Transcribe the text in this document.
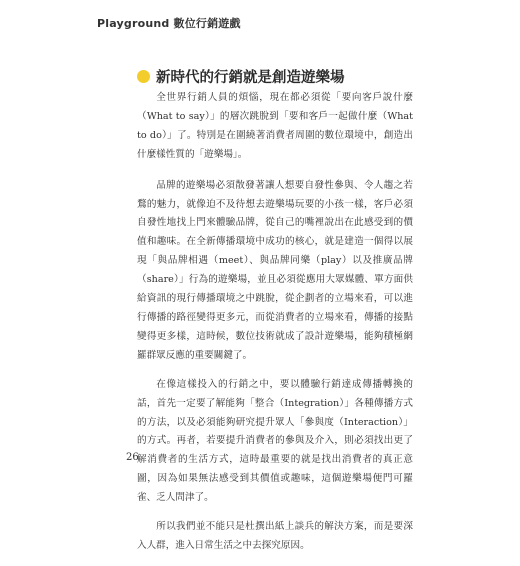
Playground 數位行銷遊戲
新時代的行銷就是創造遊樂場

全世界行銷人員的煩惱，現在都必須從「要向客戶說什麼（What to say）」的層次跳脫到「要和客戶一起做什麼（What to do）」了。特別是在圍繞著消費者周圍的數位環境中，創造出什麼樣性質的「遊樂場」。

品牌的遊樂場必須散發著讓人想要自發性參與、令人趨之若鶩的魅力，就像迫不及待想去遊樂場玩要的小孩一樣，客戶必須自發性地找上門來體驗品牌，從自己的嘴裡說出在此感受到的價值和趣味。在全新傳播環境中成功的核心，就是建造一個得以展現「與品牌相遇（meet）、與品牌同樂（play）以及推廣品牌（share）」行為的遊樂場，並且必須從應用大眾媒體、單方面供給資訊的現行傳播環境之中跳脫，從企劃者的立場來看，可以進行傳播的路徑變得更多元，而從消費者的立場來看，傳播的接點變得更多樣，這時候，數位技術就成了設計遊樂場，能夠積極網羅群眾反應的重要關鍵了。

在像這樣投入的行銷之中，要以體驗行銷達成傳播轉換的話，首先一定要了解能夠「整合（Integration）」各種傳播方式的方法，以及必須能夠研究提升眾人「參與度（Interaction）」的方式。再者，若要提升消費者的參與及介入，則必須找出更了解消費者的生活方式，這時最重要的就是找出消費者的真正意圖，因為如果無法感受到其價值或趣味，這個遊樂場便門可羅雀、乏人問津了。

所以我們並不能只是杜撰出紙上談兵的解決方案，而是要深入人群，進入日常生活之中去探究原因。

26
